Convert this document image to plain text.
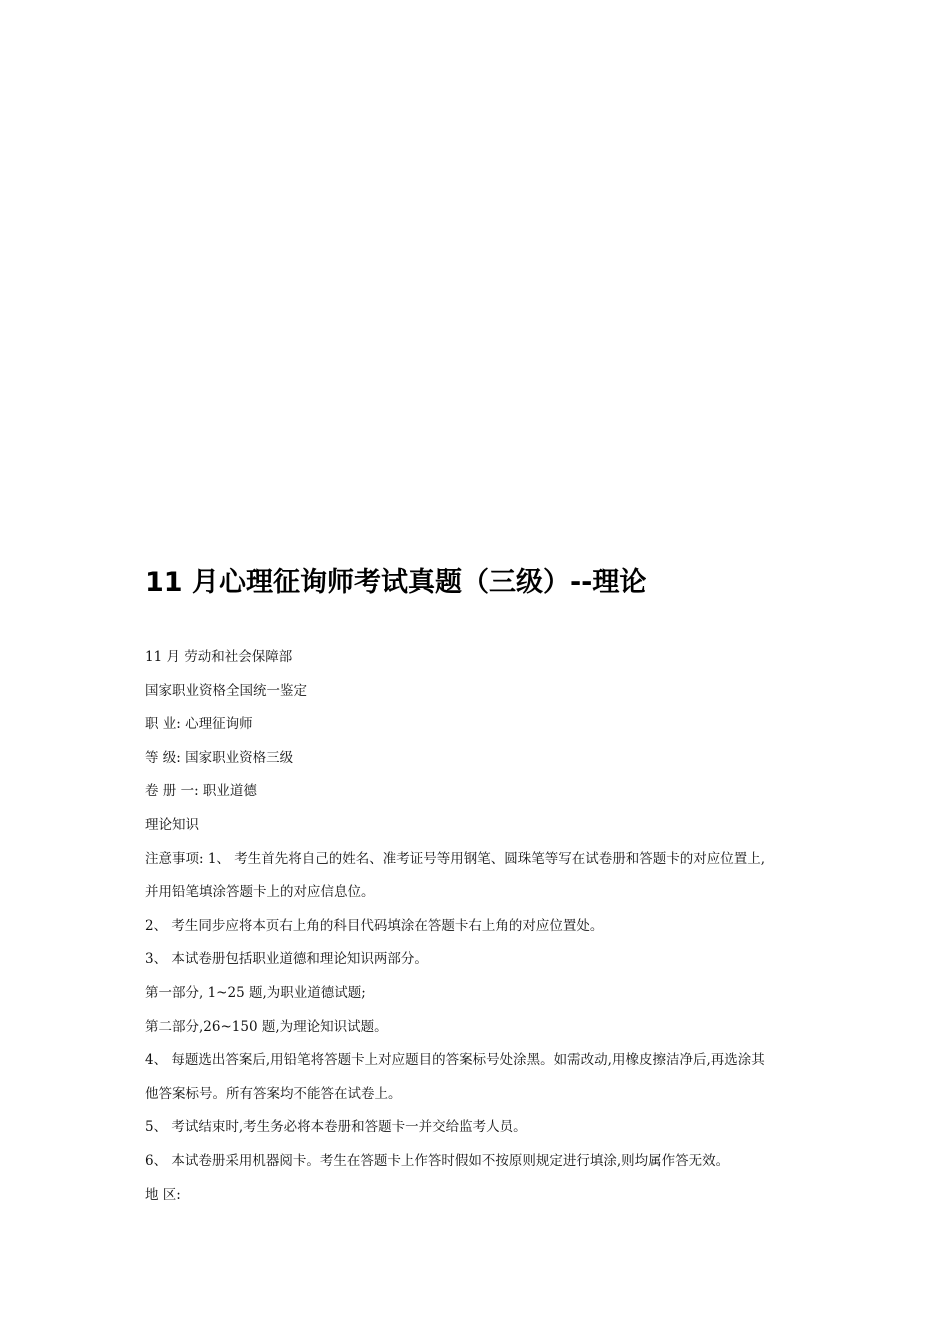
11 月心理征询师考试真题（三级）--理论
11 月 劳动和社会保障部
国家职业资格全国统一鉴定
职 业: 心理征询师
等 级: 国家职业资格三级
卷 册 一: 职业道德
理论知识
注意事项: 1、 考生首先将自己的姓名、准考证号等用钢笔、圆珠笔等写在试卷册和答题卡的对应位置上,
并用铅笔填涂答题卡上的对应信息位。
2、 考生同步应将本页右上角的科目代码填涂在答题卡右上角的对应位置处。
3、 本试卷册包括职业道德和理论知识两部分。
第一部分, 1~25 题,为职业道德试题;
第二部分,26~150 题,为理论知识试题。
4、 每题选出答案后,用铅笔将答题卡上对应题目的答案标号处涂黑。如需改动,用橡皮擦洁净后,再选涂其
他答案标号。所有答案均不能答在试卷上。
5、 考试结束时,考生务必将本卷册和答题卡一并交给监考人员。
6、 本试卷册采用机器阅卡。考生在答题卡上作答时假如不按原则规定进行填涂,则均属作答无效。
地 区:
